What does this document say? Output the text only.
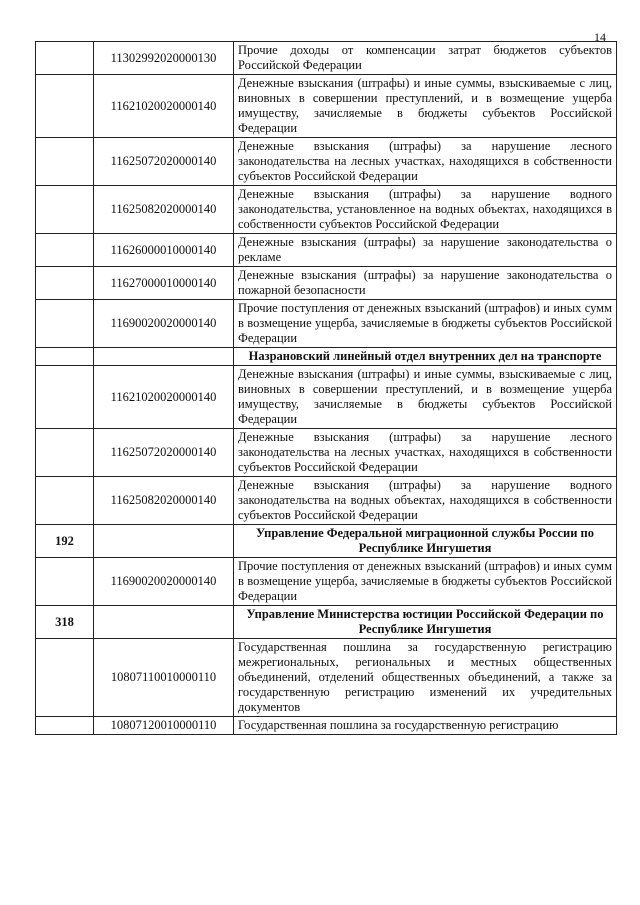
14
	11302992020000130	Прочие доходы от компенсации затрат бюджетов субъектов Российской Федерации
	11621020020000140	Денежные взыскания (штрафы) и иные суммы, взыскиваемые с лиц, виновных в совершении преступлений, и в возмещение ущерба имуществу, зачисляемые в бюджеты субъектов Российской Федерации
	11625072020000140	Денежные взыскания (штрафы) за нарушение лесного законодательства на лесных участках, находящихся в собственности субъектов Российской Федерации
	11625082020000140	Денежные взыскания (штрафы) за нарушение водного законодательства, установленное на водных объектах, находящихся в собственности субъектов Российской Федерации
	11626000010000140	Денежные взыскания (штрафы) за нарушение законодательства о рекламе
	11627000010000140	Денежные взыскания (штрафы) за нарушение законодательства о пожарной безопасности
	11690020020000140	Прочие поступления от денежных взысканий (штрафов) и иных сумм в возмещение ущерба, зачисляемые в бюджеты субъектов Российской Федерации
		Назрановский линейный отдел внутренних дел на транспорте
	11621020020000140	Денежные взыскания (штрафы) и иные суммы, взыскиваемые с лиц, виновных в совершении преступлений, и в возмещение ущерба имуществу, зачисляемые в бюджеты субъектов Российской Федерации
	11625072020000140	Денежные взыскания (штрафы) за нарушение лесного законодательства на лесных участках, находящихся в собственности субъектов Российской Федерации
	11625082020000140	Денежные взыскания (штрафы) за нарушение водного законодательства на водных объектах, находящихся в собственности субъектов Российской Федерации
192		Управление Федеральной миграционной службы России по Республике Ингушетия
	11690020020000140	Прочие поступления от денежных взысканий (штрафов) и иных сумм в возмещение ущерба, зачисляемые в бюджеты субъектов Российской Федерации
318		Управление Министерства юстиции Российской Федерации по Республике Ингушетия
	10807110010000110	Государственная пошлина за государственную регистрацию межрегиональных, региональных и местных общественных объединений, отделений общественных объединений, а также за государственную регистрацию изменений их учредительных документов
	10807120010000110	Государственная пошлина за государственную регистрацию
